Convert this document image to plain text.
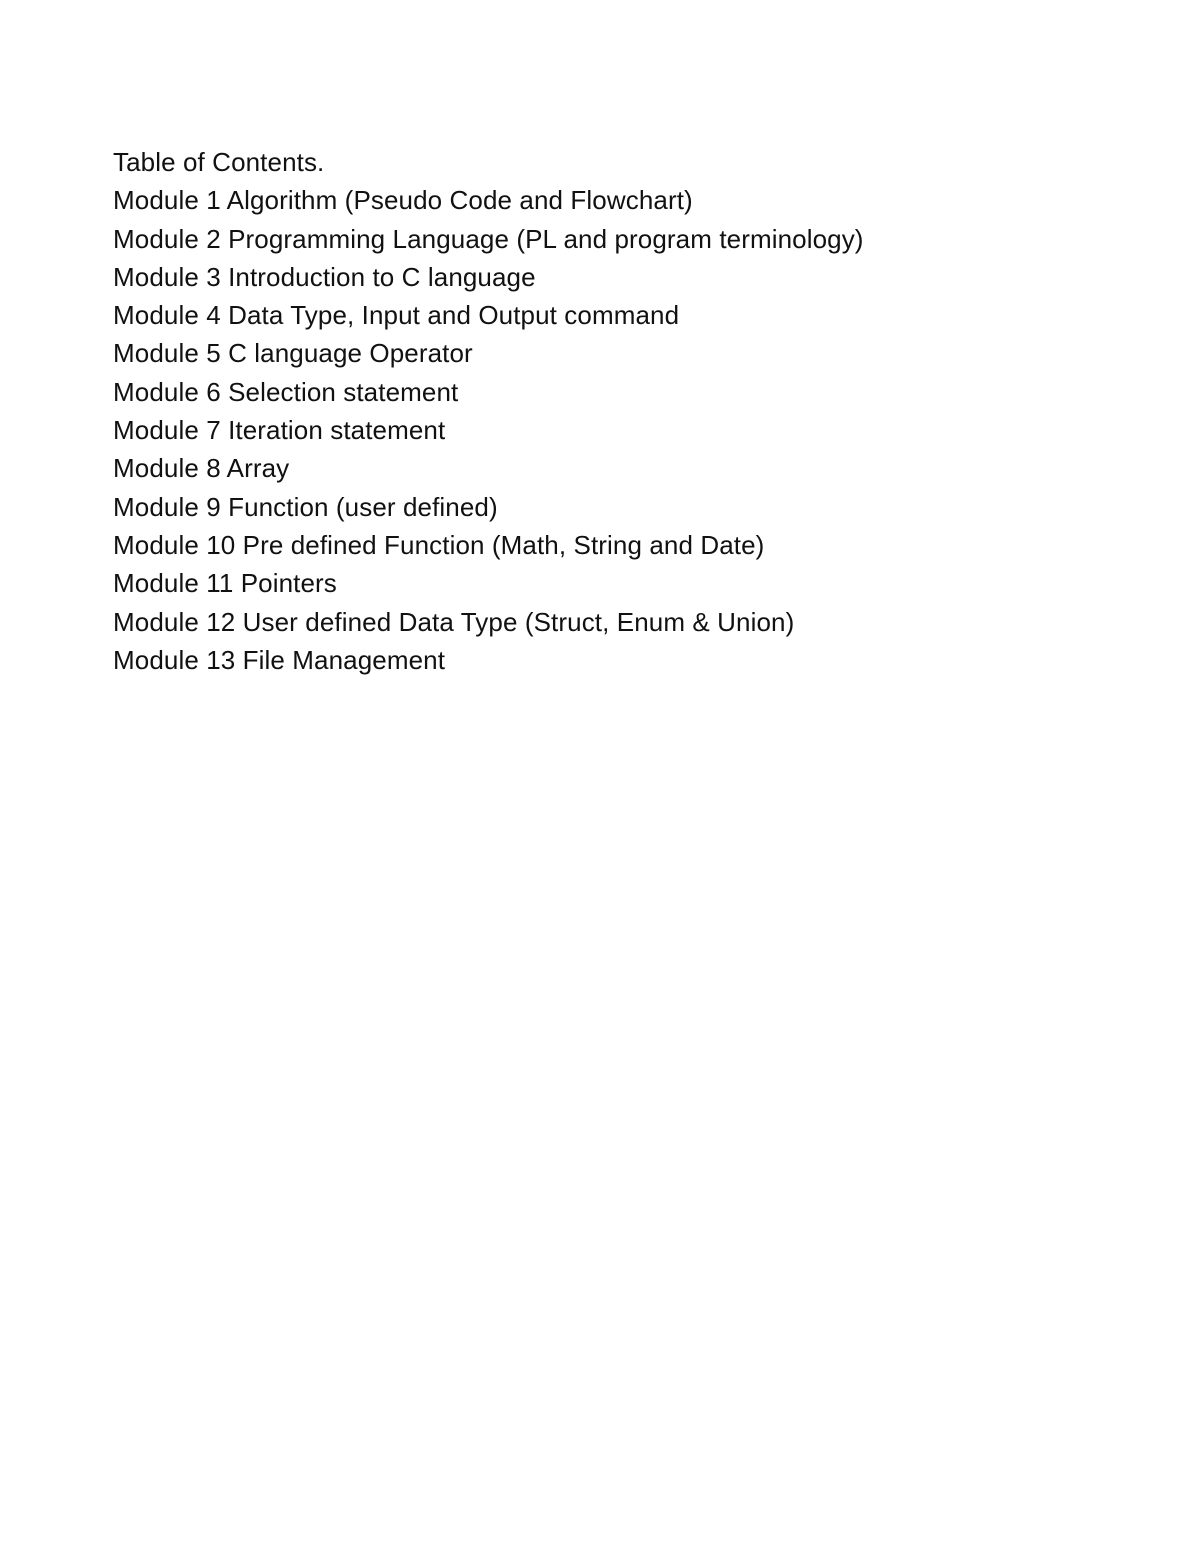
Table of Contents.
Module 1 Algorithm (Pseudo Code and Flowchart)
Module 2 Programming Language (PL and program terminology)
Module 3 Introduction to C language
Module 4 Data Type, Input and Output command
Module 5 C language Operator
Module 6 Selection statement
Module 7 Iteration statement
Module 8 Array
Module 9 Function (user defined)
Module 10 Pre defined Function (Math, String and Date)
Module 11 Pointers
Module 12 User defined Data Type (Struct, Enum & Union)
Module 13 File Management
